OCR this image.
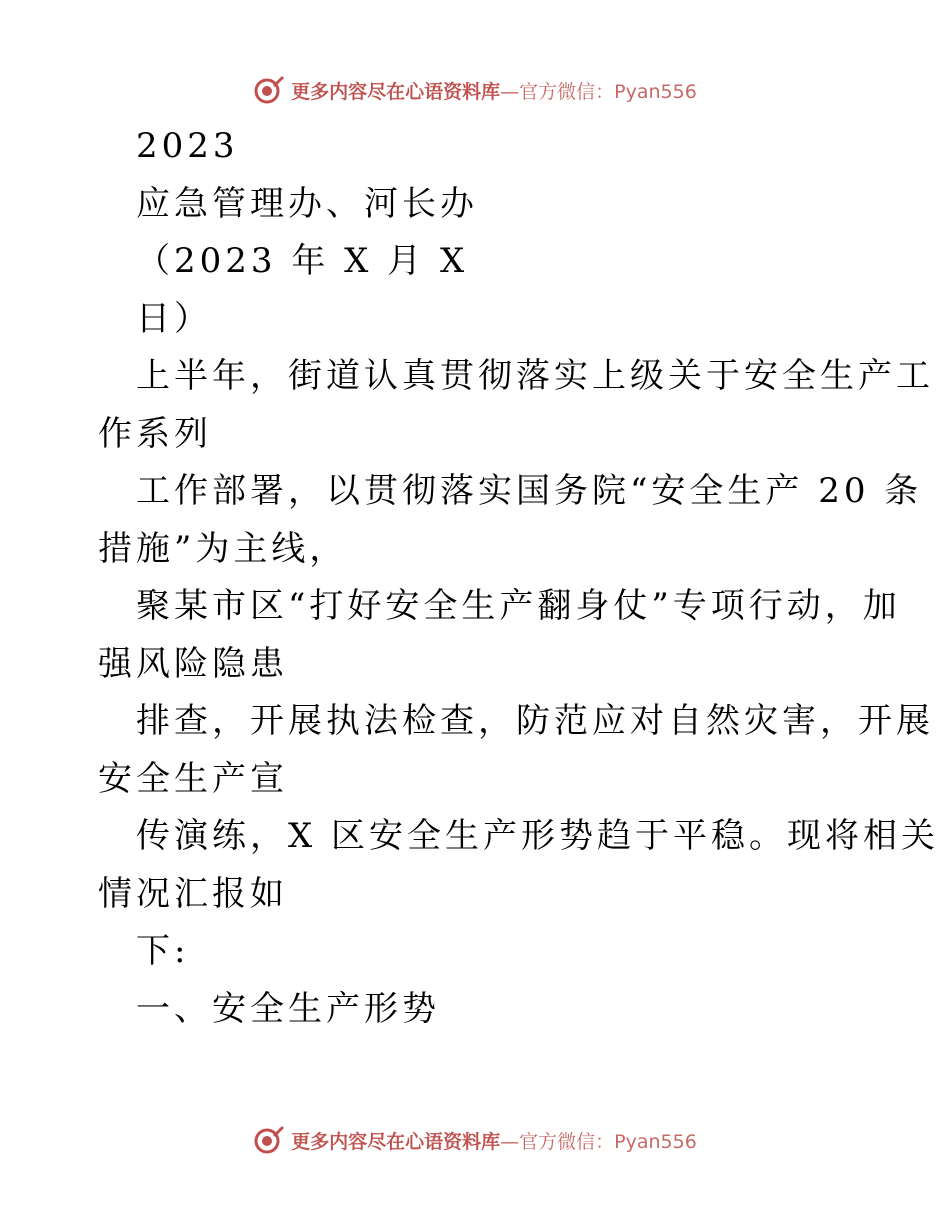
更多内容尽在心语资料库—官方微信：Pyan556
2023
应急管理办、河长办
（2023 年 X 月 X
日）
上半年，街道认真贯彻落实上级关于安全生产工
作系列
工作部署，以贯彻落实国务院“安全生产 20 条
措施”为主线，
聚某市区“打好安全生产翻身仗”专项行动，加
强风险隐患
排查，开展执法检查，防范应对自然灾害，开展
安全生产宣
传演练，X 区安全生产形势趋于平稳。现将相关
情况汇报如
下:
一、安全生产形势
更多内容尽在心语资料库—官方微信：Pyan556
